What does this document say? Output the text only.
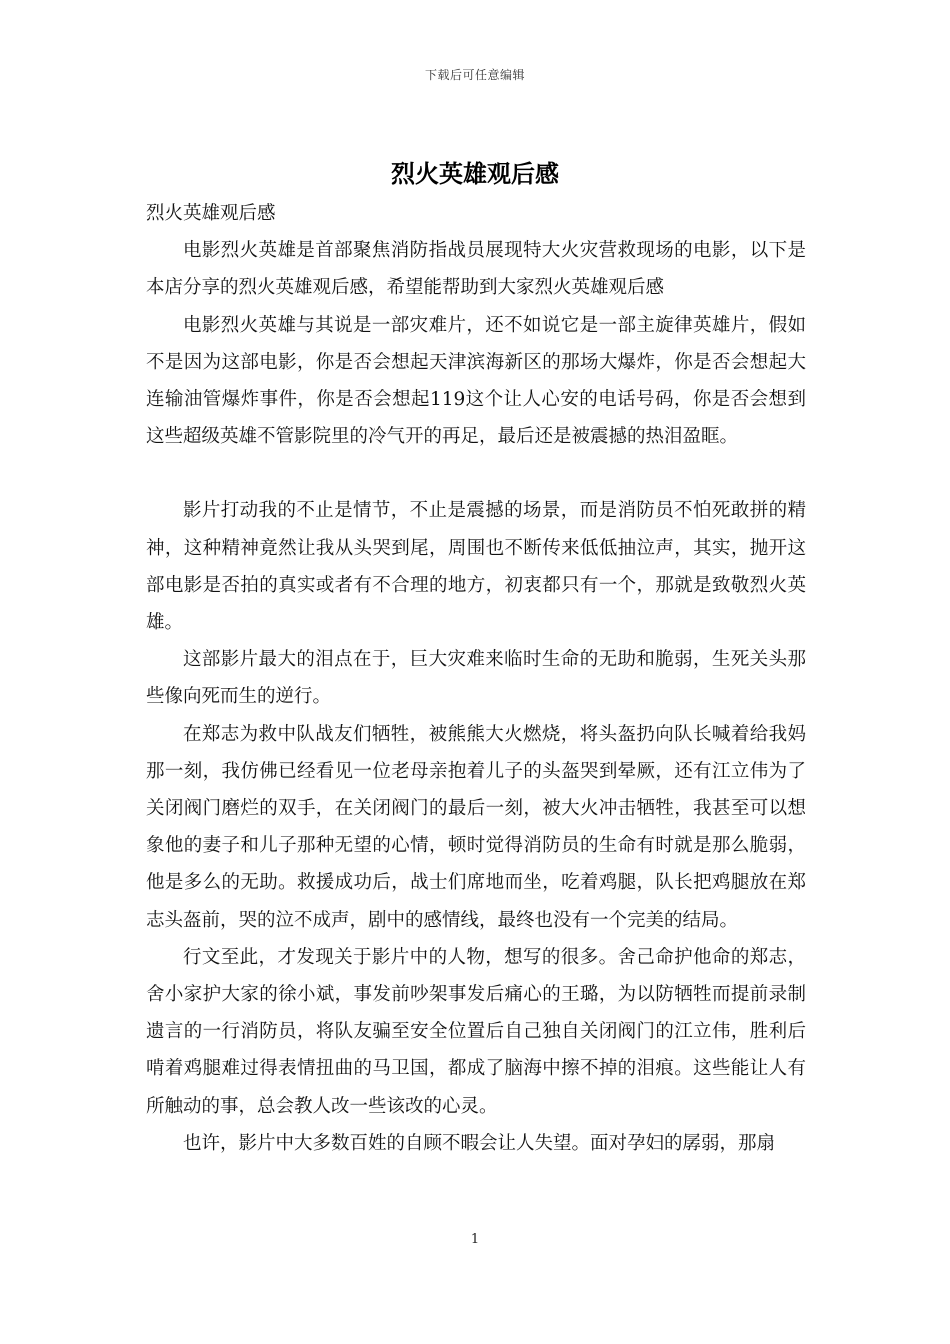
下载后可任意编辑
烈火英雄观后感

烈火英雄观后感

电影烈火英雄是首部聚焦消防指战员展现特大火灾营救现场的电影，以下是本店分享的烈火英雄观后感，希望能帮助到大家烈火英雄观后感

电影烈火英雄与其说是一部灾难片，还不如说它是一部主旋律英雄片，假如不是因为这部电影，你是否会想起天津滨海新区的那场大爆炸，你是否会想起大连输油管爆炸事件，你是否会想起119这个让人心安的电话号码，你是否会想到这些超级英雄不管影院里的冷气开的再足，最后还是被震撼的热泪盈眶。

影片打动我的不止是情节，不止是震撼的场景，而是消防员不怕死敢拼的精神，这种精神竟然让我从头哭到尾，周围也不断传来低低抽泣声，其实，抛开这部电影是否拍的真实或者有不合理的地方，初衷都只有一个，那就是致敬烈火英雄。

这部影片最大的泪点在于，巨大灾难来临时生命的无助和脆弱，生死关头那些像向死而生的逆行。

在郑志为救中队战友们牺牲，被熊熊大火燃烧，将头盔扔向队长喊着给我妈那一刻，我仿佛已经看见一位老母亲抱着儿子的头盔哭到晕厥，还有江立伟为了关闭阀门磨烂的双手，在关闭阀门的最后一刻，被大火冲击牺牲，我甚至可以想象他的妻子和儿子那种无望的心情，顿时觉得消防员的生命有时就是那么脆弱，他是多么的无助。救援成功后，战士们席地而坐，吃着鸡腿，队长把鸡腿放在郑志头盔前，哭的泣不成声，剧中的感情线，最终也没有一个完美的结局。

行文至此，才发现关于影片中的人物，想写的很多。舍己命护他命的郑志，舍小家护大家的徐小斌，事发前吵架事发后痛心的王璐，为以防牺牲而提前录制遗言的一行消防员，将队友骗至安全位置后自己独自关闭阀门的江立伟，胜利后啃着鸡腿难过得表情扭曲的马卫国，都成了脑海中擦不掉的泪痕。这些能让人有所触动的事，总会教人改一些该改的心灵。

也许，影片中大多数百姓的自顾不暇会让人失望。面对孕妇的孱弱，那扇

1
